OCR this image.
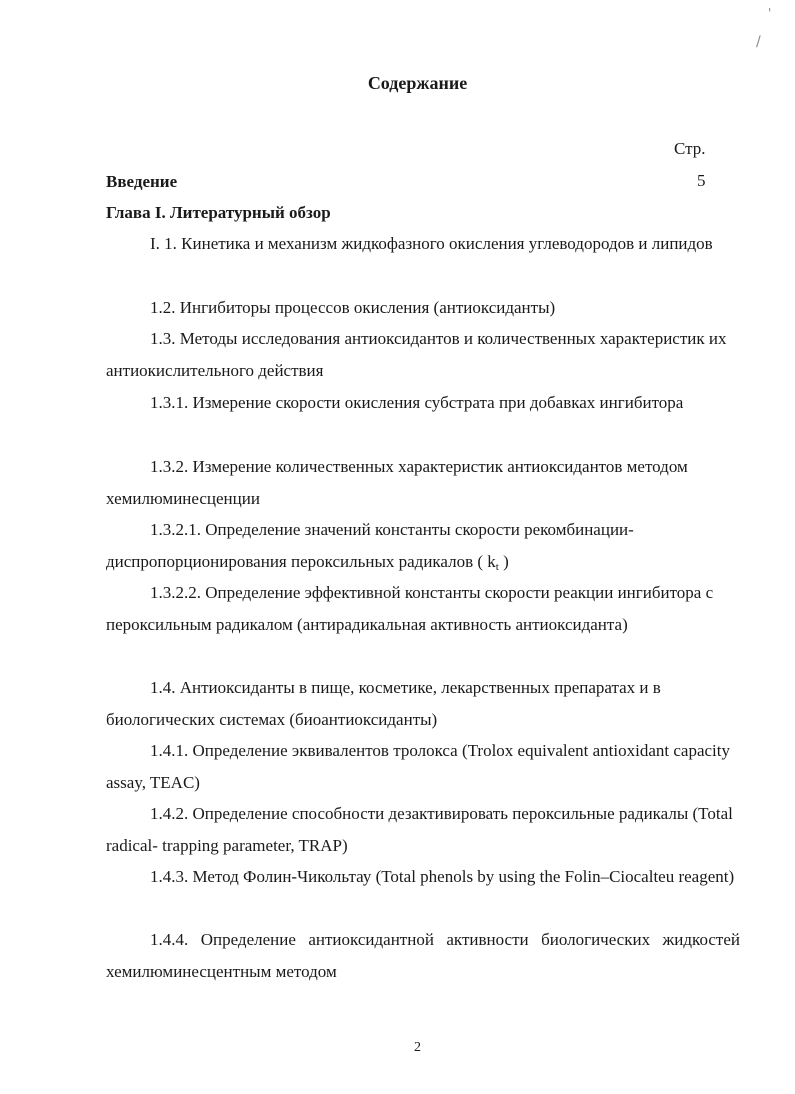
'
/
Содержание
Стр.
Введение	5
Глава I. Литературный обзор
I. 1. Кинетика и механизм жидкофазного окисления углеводородов и липидов
1.2. Ингибиторы процессов окисления (антиоксиданты)
1.3. Методы исследования антиоксидантов и количественных характеристик их антиокислительного действия
1.3.1. Измерение скорости окисления субстрата при добавках ингибитора
1.3.2. Измерение количественных характеристик антиоксидантов методом хемилюминесценции
1.3.2.1. Определение значений константы скорости рекомбинации-диспропорционирования пероксильных радикалов ( $k_t$ )
1.3.2.2. Определение эффективной константы скорости реакции ингибитора с пероксильным радикалом (антирадикальная активность антиоксиданта)
1.4. Антиоксиданты в пище, косметике, лекарственных препаратах и в биологических системах (биоантиоксиданты)
1.4.1. Определение эквивалентов тролокса (Trolox equivalent antioxidant capacity assay, TEAC)
1.4.2. Определение способности дезактивировать пероксильные радикалы (Total radical- trapping parameter, TRAP)
1.4.3. Метод Фолин-Чикольтау (Total phenols by using the Folin–Ciocalteu reagent)
1.4.4. Определение антиоксидантной активности биологических жидкостей хемилюминесцентным методом
2
